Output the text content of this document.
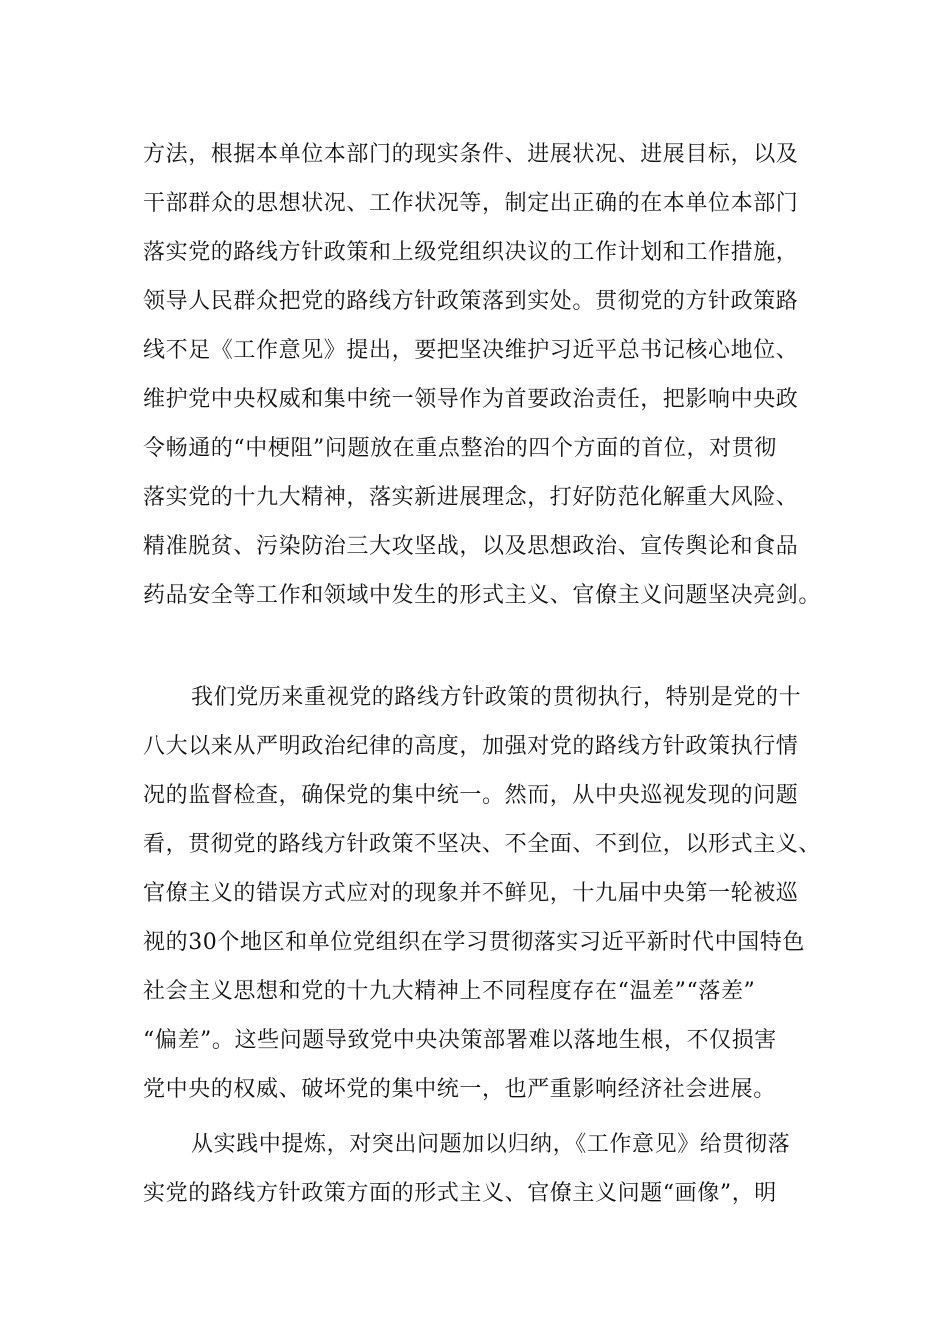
方法，根据本单位本部门的现实条件、进展状况、进展目标，以及
干部群众的思想状况、工作状况等，制定出正确的在本单位本部门
落实党的路线方针政策和上级党组织决议的工作计划和工作措施，
领导人民群众把党的路线方针政策落到实处。贯彻党的方针政策路
线不足《工作意见》提出，要把坚决维护习近平总书记核心地位、
维护党中央权威和集中统一领导作为首要政治责任，把影响中央政
令畅通的“中梗阻”问题放在重点整治的四个方面的首位，对贯彻
落实党的十九大精神，落实新进展理念，打好防范化解重大风险、
精准脱贫、污染防治三大攻坚战，以及思想政治、宣传舆论和食品
药品安全等工作和领域中发生的形式主义、官僚主义问题坚决亮剑。
我们党历来重视党的路线方针政策的贯彻执行，特别是党的十
八大以来从严明政治纪律的高度，加强对党的路线方针政策执行情
况的监督检查，确保党的集中统一。然而，从中央巡视发现的问题
看，贯彻党的路线方针政策不坚决、不全面、不到位，以形式主义、
官僚主义的错误方式应对的现象并不鲜见，十九届中央第一轮被巡
视的30个地区和单位党组织在学习贯彻落实习近平新时代中国特色
社会主义思想和党的十九大精神上不同程度存在“温差”“落差”
“偏差”。这些问题导致党中央决策部署难以落地生根，不仅损害
党中央的权威、破坏党的集中统一，也严重影响经济社会进展。
从实践中提炼，对突出问题加以归纳，《工作意见》给贯彻落
实党的路线方针政策方面的形式主义、官僚主义问题“画像”，明
